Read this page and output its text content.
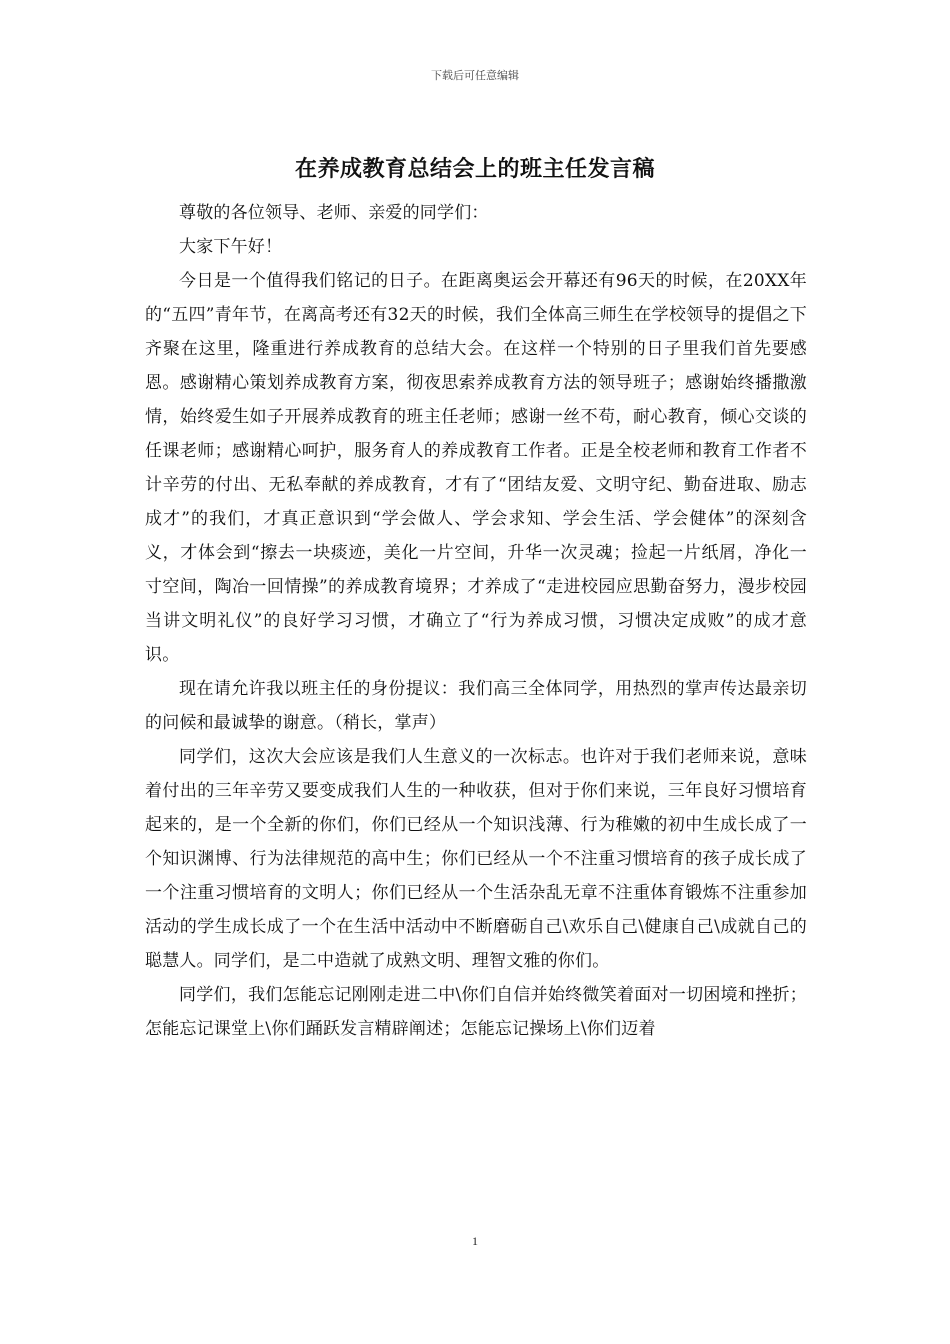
下载后可任意编辑
在养成教育总结会上的班主任发言稿

尊敬的各位领导、老师、亲爱的同学们：

大家下午好！

今日是一个值得我们铭记的日子。在距离奥运会开幕还有96天的时候，在20XX年的“五四”青年节，在离高考还有32天的时候，我们全体高三师生在学校领导的提倡之下齐聚在这里，隆重进行养成教育的总结大会。在这样一个特别的日子里我们首先要感恩。感谢精心策划养成教育方案，彻夜思索养成教育方法的领导班子；感谢始终播撒激情，始终爱生如子开展养成教育的班主任老师；感谢一丝不苟，耐心教育，倾心交谈的任课老师；感谢精心呵护，服务育人的养成教育工作者。正是全校老师和教育工作者不计辛劳的付出、无私奉献的养成教育，才有了“团结友爱、文明守纪、勤奋进取、励志成才”的我们，才真正意识到“学会做人、学会求知、学会生活、学会健体”的深刻含义，才体会到“擦去一块痰迹，美化一片空间，升华一次灵魂；捡起一片纸屑，净化一寸空间，陶冶一回情操”的养成教育境界；才养成了“走进校园应思勤奋努力，漫步校园当讲文明礼仪”的良好学习习惯，才确立了“行为养成习惯，习惯决定成败”的成才意识。

现在请允许我以班主任的身份提议：我们高三全体同学，用热烈的掌声传达最亲切的问候和最诚挚的谢意。（稍长，掌声）

同学们，这次大会应该是我们人生意义的一次标志。也许对于我们老师来说，意味着付出的三年辛劳又要变成我们人生的一种收获，但对于你们来说，三年良好习惯培育起来的，是一个全新的你们，你们已经从一个知识浅薄、行为稚嫩的初中生成长成了一个知识渊博、行为法律规范的高中生；你们已经从一个不注重习惯培育的孩子成长成了一个注重习惯培育的文明人；你们已经从一个生活杂乱无章不注重体育锻炼不注重参加活动的学生成长成了一个在生活中活动中不断磨砺自己\欢乐自己\健康自己\成就自己的聪慧人。同学们，是二中造就了成熟文明、理智文雅的你们。

同学们，我们怎能忘记刚刚走进二中\你们自信并始终微笑着面对一切困境和挫折；怎能忘记课堂上\你们踊跃发言精辟阐述；怎能忘记操场上\你们迈着

1
